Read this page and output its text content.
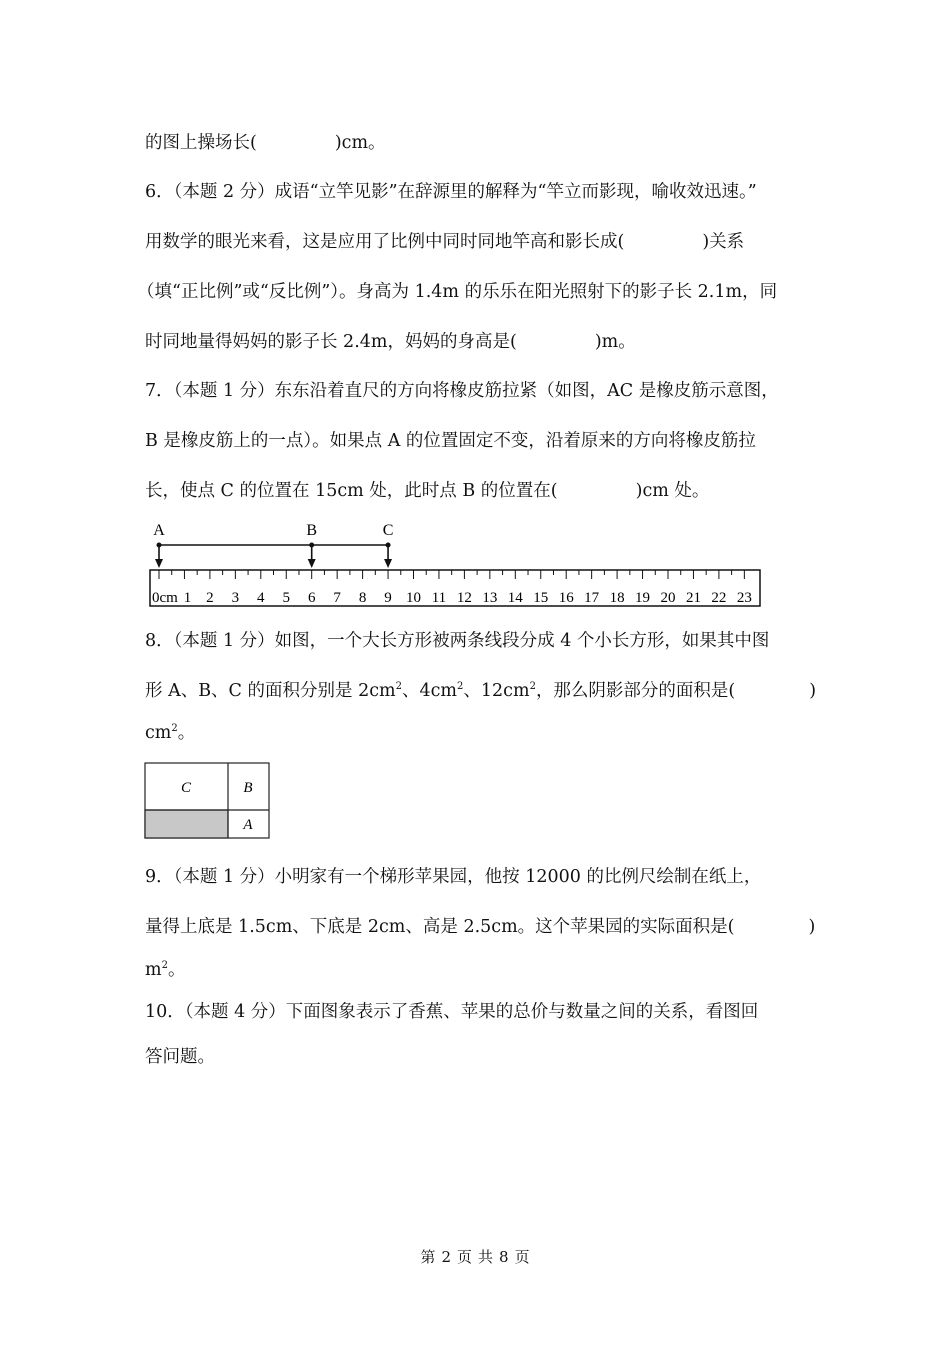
的图上操场长(	)cm。
6．（本题 2 分）成语“立竿见影”在辞源里的解释为“竿立而影现，喻收效迅速。”
用数学的眼光来看，这是应用了比例中同时同地竿高和影长成(	)关系
（填“正比例”或“反比例”）。身高为 1.4m 的乐乐在阳光照射下的影子长 2.1m，同
时同地量得妈妈的影子长 2.4m，妈妈的身高是(	)m。
7．（本题 1 分）东东沿着直尺的方向将橡皮筋拉紧（如图，AC 是橡皮筋示意图，
B 是橡皮筋上的一点）。如果点 A 的位置固定不变，沿着原来的方向将橡皮筋拉
长，使点 C 的位置在 15cm 处，此时点 B 的位置在(	)cm 处。
0cm 2 3 4 5 6 7 8 9 10 11 12 13 14 15 16 17 18 19 20 21 22 23
1
A	B	C
8．（本题 1 分）如图，一个大长方形被两条线段分成 4 个小长方形，如果其中图
形 A、B、C 的面积分别是 $2cm^2$、$4cm^2$、$12cm^2$，那么阴影部分的面积是(	)
$cm^2$。
C	B
A
9．（本题 1 分）小明家有一个梯形苹果园，他按 12000 的比例尺绘制在纸上，
量得上底是 1.5cm、下底是 2cm、高是 2.5cm。这个苹果园的实际面积是(	)
$m^2$。
10．（本题 4 分）下面图象表示了香蕉、苹果的总价与数量之间的关系，看图回
答问题。
第 2 页 共 8 页
